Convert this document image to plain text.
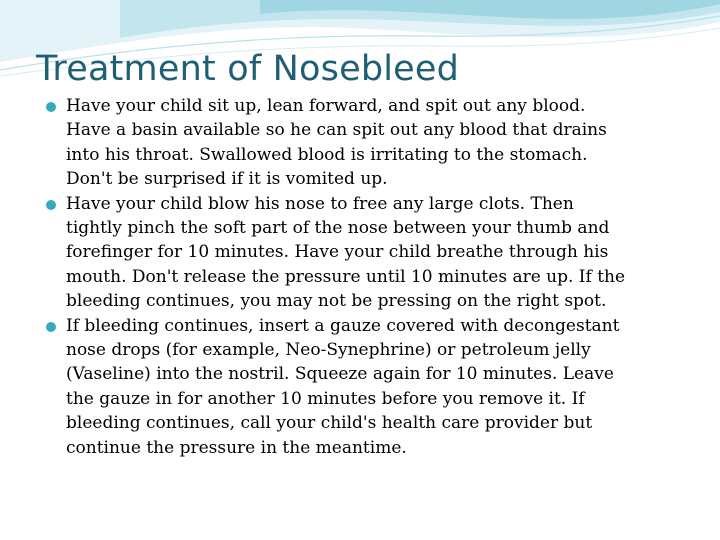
Treatment of Nosebleed
Have your child sit up, lean forward, and spit out any blood.
Have a basin available so he can spit out any blood that drains
into his throat. Swallowed blood is irritating to the stomach.
Don't be surprised if it is vomited up.
Have your child blow his nose to free any large clots. Then
tightly pinch the soft part of the nose between your thumb and
forefinger for 10 minutes. Have your child breathe through his
mouth. Don't release the pressure until 10 minutes are up. If the
bleeding continues, you may not be pressing on the right spot.
If bleeding continues, insert a gauze covered with decongestant
nose drops (for example, Neo-Synephrine) or petroleum jelly
(Vaseline) into the nostril. Squeeze again for 10 minutes. Leave
the gauze in for another 10 minutes before you remove it. If
bleeding continues, call your child's health care provider but
continue the pressure in the meantime.
